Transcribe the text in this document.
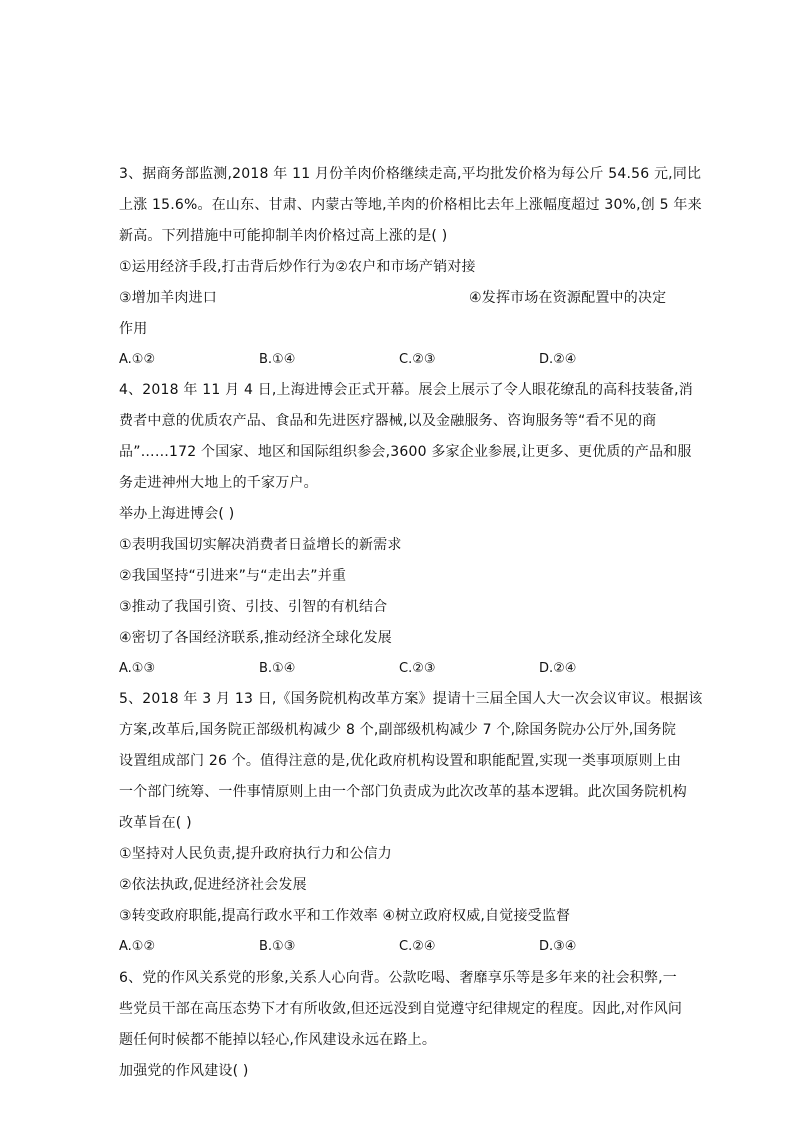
3、据商务部监测,2018 年 11 月份羊肉价格继续走高,平均批发价格为每公斤 54.56 元,同比
上涨 15.6%。在山东、甘肃、内蒙古等地,羊肉的价格相比去年上涨幅度超过 30%,创 5 年来
新高。下列措施中可能抑制羊肉价格过高上涨的是( )
①运用经济手段,打击背后炒作行为②农户和市场产销对接
③增加羊肉进口	④发挥市场在资源配置中的决定
作用
A.①②	B.①④	C.②③	D.②④
4、2018 年 11 月 4 日,上海进博会正式开幕。展会上展示了令人眼花缭乱的高科技装备,消
费者中意的优质农产品、食品和先进医疗器械,以及金融服务、咨询服务等“看不见的商
品”……172 个国家、地区和国际组织参会,3600 多家企业参展,让更多、更优质的产品和服
务走进神州大地上的千家万户。
举办上海进博会( )
①表明我国切实解决消费者日益增长的新需求
②我国坚持“引进来”与“走出去”并重
③推动了我国引资、引技、引智的有机结合
④密切了各国经济联系,推动经济全球化发展
A.①③	B.①④	C.②③	D.②④
5、2018 年 3 月 13 日,《国务院机构改革方案》提请十三届全国人大一次会议审议。根据该
方案,改革后,国务院正部级机构减少 8 个,副部级机构减少 7 个,除国务院办公厅外,国务院
设置组成部门 26 个。值得注意的是,优化政府机构设置和职能配置,实现一类事项原则上由
一个部门统筹、一件事情原则上由一个部门负责成为此次改革的基本逻辑。此次国务院机构
改革旨在( )
①坚持对人民负责,提升政府执行力和公信力
②依法执政,促进经济社会发展
③转变政府职能,提高行政水平和工作效率 ④树立政府权威,自觉接受监督
A.①②	B.①③	C.②④	D.③④
6、党的作风关系党的形象,关系人心向背。公款吃喝、奢靡享乐等是多年来的社会积弊,一
些党员干部在高压态势下才有所收敛,但还远没到自觉遵守纪律规定的程度。因此,对作风问
题任何时候都不能掉以轻心,作风建设永远在路上。
加强党的作风建设( )
